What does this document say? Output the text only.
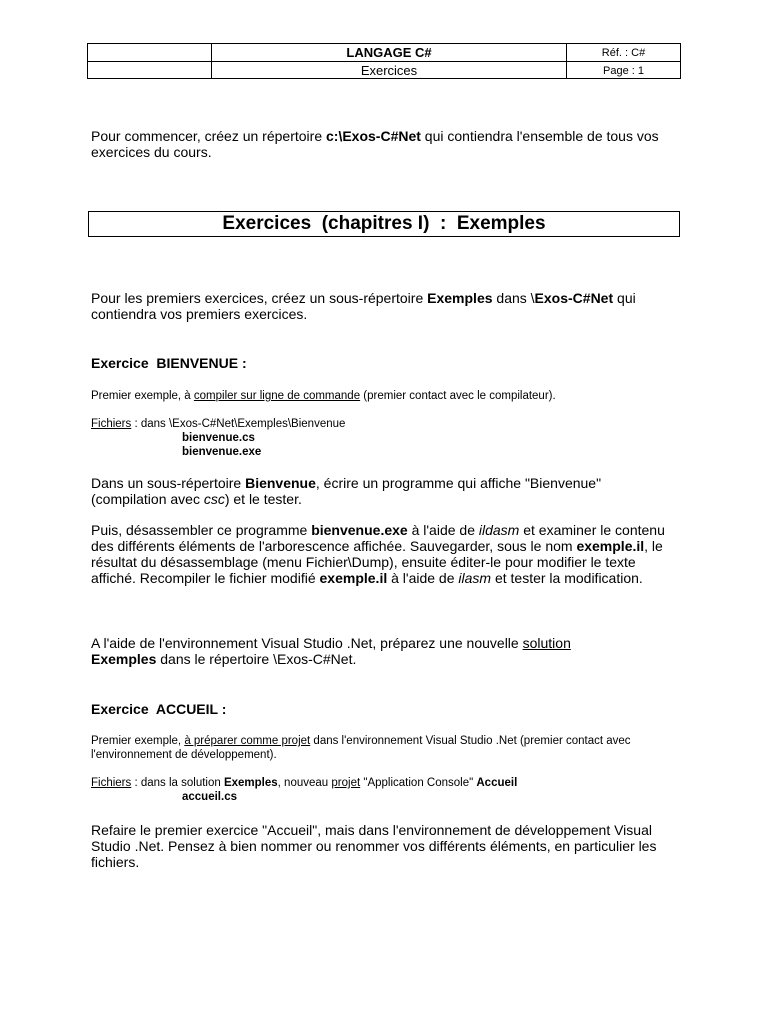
LANGAGE C#
Exercices
Réf. : C#
Page : 1

Pour commencer, créez un répertoire c:\Exos-C#Net qui contiendra l'ensemble de tous vos exercices du cours.

Exercices  (chapitres I)  :  Exemples

Pour les premiers exercices, créez un sous-répertoire Exemples dans \Exos-C#Net qui contiendra vos premiers exercices.

Exercice  BIENVENUE :

Premier exemple, à compiler sur ligne de commande (premier contact avec le compilateur).

Fichiers : dans \Exos-C#Net\Exemples\Bienvenue
bienvenue.cs
bienvenue.exe

Dans un sous-répertoire Bienvenue, écrire un programme qui affiche "Bienvenue" (compilation avec csc) et le tester.

Puis, désassembler ce programme bienvenue.exe à l'aide de ildasm et examiner le contenu des différents éléments de l'arborescence affichée. Sauvegarder, sous le nom exemple.il, le résultat du désassemblage (menu Fichier\Dump), ensuite éditer-le pour modifier le texte affiché. Recompiler le fichier modifié exemple.il à l'aide de ilasm et tester la modification.

A l'aide de l'environnement Visual Studio .Net, préparez une nouvelle solution
Exemples dans le répertoire \Exos-C#Net.

Exercice  ACCUEIL :

Premier exemple, à préparer comme projet dans l'environnement Visual Studio .Net (premier contact avec l'environnement de développement).

Fichiers : dans la solution Exemples, nouveau projet "Application Console" Accueil
accueil.cs

Refaire le premier exercice "Accueil", mais dans l'environnement de développement Visual Studio .Net. Pensez à bien nommer ou renommer vos différents éléments, en particulier les fichiers.
